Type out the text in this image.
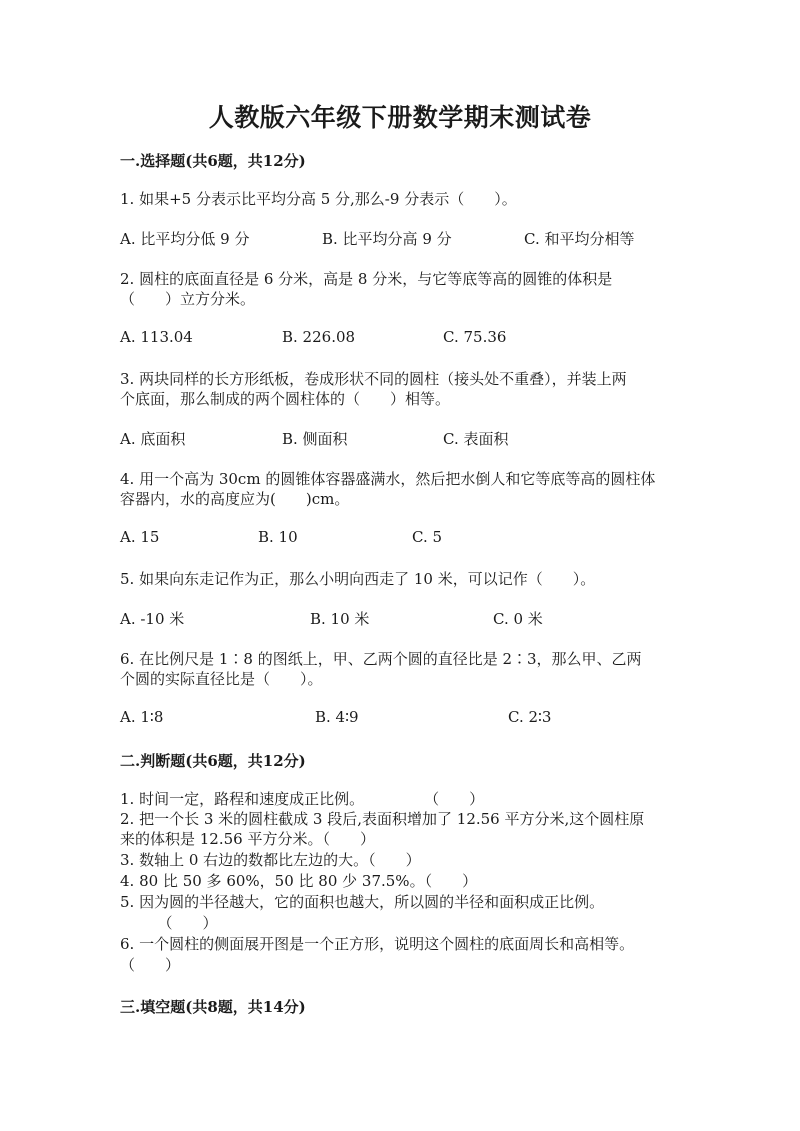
人教版六年级下册数学期末测试卷
一.选择题(共6题，共12分)
1. 如果+5 分表示比平均分高 5 分,那么-9 分表示（　　）。
A. 比平均分低 9 分	B. 比平均分高 9 分	C. 和平均分相等
2. 圆柱的底面直径是 6 分米，高是 8 分米，与它等底等高的圆锥的体积是
（　　）立方分米。
A. 113.04	B. 226.08	C. 75.36
3. 两块同样的长方形纸板，卷成形状不同的圆柱（接头处不重叠），并装上两
个底面，那么制成的两个圆柱体的（　　）相等。
A. 底面积	B. 侧面积	C. 表面积
4. 用一个高为 30cm 的圆锥体容器盛满水，然后把水倒人和它等底等高的圆柱体
容器内，水的高度应为(　　)cm。
A. 15	B. 10	C. 5
5. 如果向东走记作为正，那么小明向西走了 10 米，可以记作（　　）。
A. -10 米	B. 10 米	C. 0 米
6. 在比例尺是 1∶8 的图纸上，甲、乙两个圆的直径比是 2∶3，那么甲、乙两
个圆的实际直径比是（　　）。
A. 1∶8	B. 4∶9	C. 2∶3
二.判断题(共6题，共12分)
1. 时间一定，路程和速度成正比例。　　　　　（　　）
2. 把一个长 3 米的圆柱截成 3 段后,表面积增加了 12.56 平方分米,这个圆柱原
来的体积是 12.56 平方分米。（　　）
3. 数轴上 0 右边的数都比左边的大。（　　）
4. 80 比 50 多 60%，50 比 80 少 37.5%。（　　）
5. 因为圆的半径越大，它的面积也越大，所以圆的半径和面积成正比例。
　　　（　　）
6. 一个圆柱的侧面展开图是一个正方形，说明这个圆柱的底面周长和高相等。
（　　）
三.填空题(共8题，共14分)
